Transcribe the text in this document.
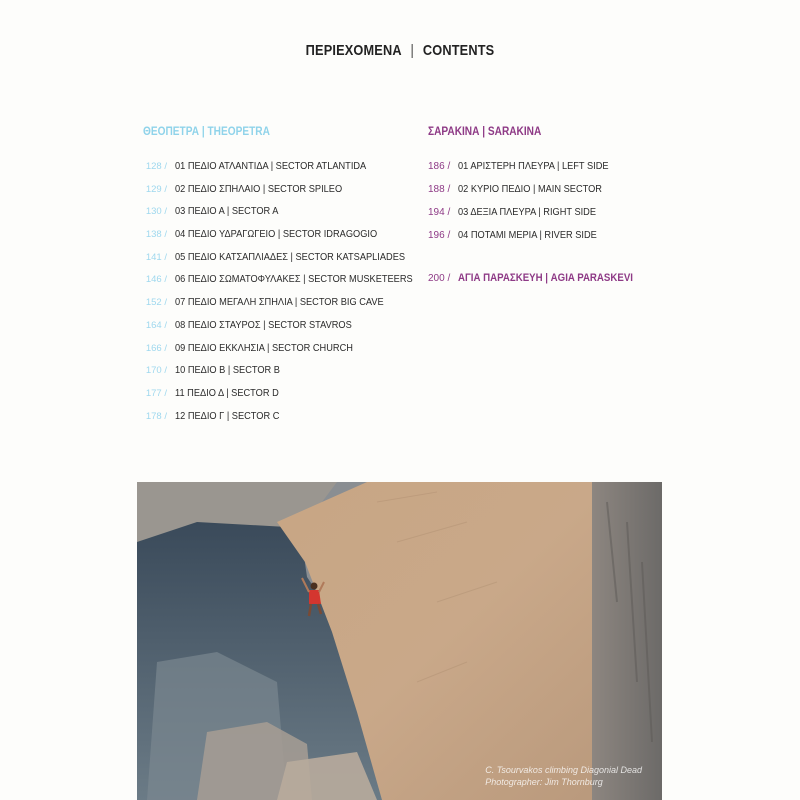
ΠΕΡΙΕΧΟΜΕΝΑ | CONTENTS
ΘΕΟΠΕΤΡΑ | THEOPETRA
128 / 01 ΠΕΔΙΟ ΑΤΛΑΝΤΙΔΑ | SECTOR ATLANTIDA
129 / 02 ΠΕΔΙΟ ΣΠΗΛΑΙΟ | SECTOR SPILEO
130 / 03 ΠΕΔΙΟ Α | SECTOR A
138 / 04 ΠΕΔΙΟ ΥΔΡΑΓΩΓΕΙΟ | SECTOR IDRAGOGIO
141 / 05 ΠΕΔΙΟ ΚΑΤΣΑΠΛΙΑΔΕΣ | SECTOR KATSAPLIADES
146 / 06 ΠΕΔΙΟ ΣΩΜΑΤΟΦΥΛΑΚΕΣ | SECTOR MUSKETEERS
152 / 07 ΠΕΔΙΟ ΜΕΓΑΛΗ ΣΠΗΛΙΑ | SECTOR BIG CAVE
164 / 08 ΠΕΔΙΟ ΣΤΑΥΡΟΣ | SECTOR STAVROS
166 / 09 ΠΕΔΙΟ ΕΚΚΛΗΣΙΑ | SECTOR CHURCH
170 / 10 ΠΕΔΙΟ Β | SECTOR B
177 / 11 ΠΕΔΙΟ Δ | SECTOR D
178 / 12 ΠΕΔΙΟ Γ | SECTOR C
ΣΑΡΑΚΙΝΑ | SARAKINA
186 / 01 ΑΡΙΣΤΕΡΗ ΠΛΕΥΡΑ | LEFT SIDE
188 / 02 ΚΥΡΙΟ ΠΕΔΙΟ | MAIN SECTOR
194 / 03 ΔΕΞΙΑ ΠΛΕΥΡΑ | RIGHT SIDE
196 / 04 ΠΟΤΑΜΙ ΜΕΡΙΑ | RIVER SIDE
200 / ΑΓΙΑ ΠΑΡΑΣΚΕΥΗ | AGIA PARASKEVI
C. Tsourvakos climbing Diagonial Dead
Photographer: Jim Thornburg
